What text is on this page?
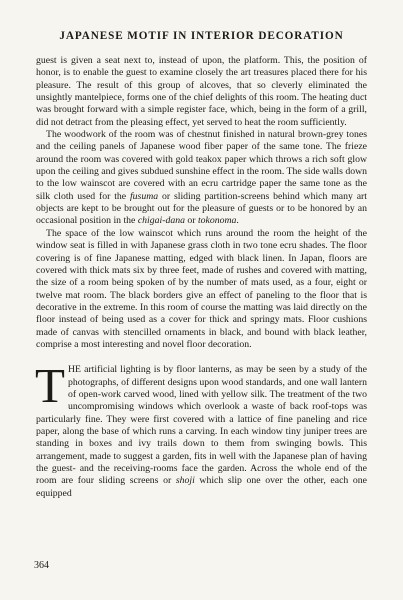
JAPANESE MOTIF IN INTERIOR DECORATION

guest is given a seat next to, instead of upon, the platform. This, the position of honor, is to enable the guest to examine closely the art treasures placed there for his pleasure. The result of this group of alcoves, that so cleverly eliminated the unsightly mantelpiece, forms one of the chief delights of this room. The heating duct was brought forward with a simple register face, which, being in the form of a grill, did not detract from the pleasing effect, yet served to heat the room sufficiently.

The woodwork of the room was of chestnut finished in natural brown-grey tones and the ceiling panels of Japanese wood fiber paper of the same tone. The frieze around the room was covered with gold teakox paper which throws a rich soft glow upon the ceiling and gives subdued sunshine effect in the room. The side walls down to the low wainscot are covered with an ecru cartridge paper the same tone as the silk cloth used for the fusuma or sliding partition-screens behind which many art objects are kept to be brought out for the pleasure of guests or to be honored by an occasional position in the chigai-dana or tokonoma.

The space of the low wainscot which runs around the room the height of the window seat is filled in with Japanese grass cloth in two tone ecru shades. The floor covering is of fine Japanese matting, edged with black linen. In Japan, floors are covered with thick mats six by three feet, made of rushes and covered with matting, the size of a room being spoken of by the number of mats used, as a four, eight or twelve mat room. The black borders give an effect of paneling to the floor that is decorative in the extreme. In this room of course the matting was laid directly on the floor instead of being used as a cover for thick and springy mats. Floor cushions made of canvas with stencilled ornaments in black, and bound with black leather, comprise a most interesting and novel floor decoration.

THE artificial lighting is by floor lanterns, as may be seen by a study of the photographs, of different designs upon wood standards, and one wall lantern of open-work carved wood, lined with yellow silk. The treatment of the two uncompromising windows which overlook a waste of back roof-tops was particularly fine. They were first covered with a lattice of fine paneling and rice paper, along the base of which runs a carving. In each window tiny juniper trees are standing in boxes and ivy trails down to them from swinging bowls. This arrangement, made to suggest a garden, fits in well with the Japanese plan of having the guest- and the receiving-rooms face the garden. Across the whole end of the room are four sliding screens or shoji which slip one over the other, each one equipped

364
